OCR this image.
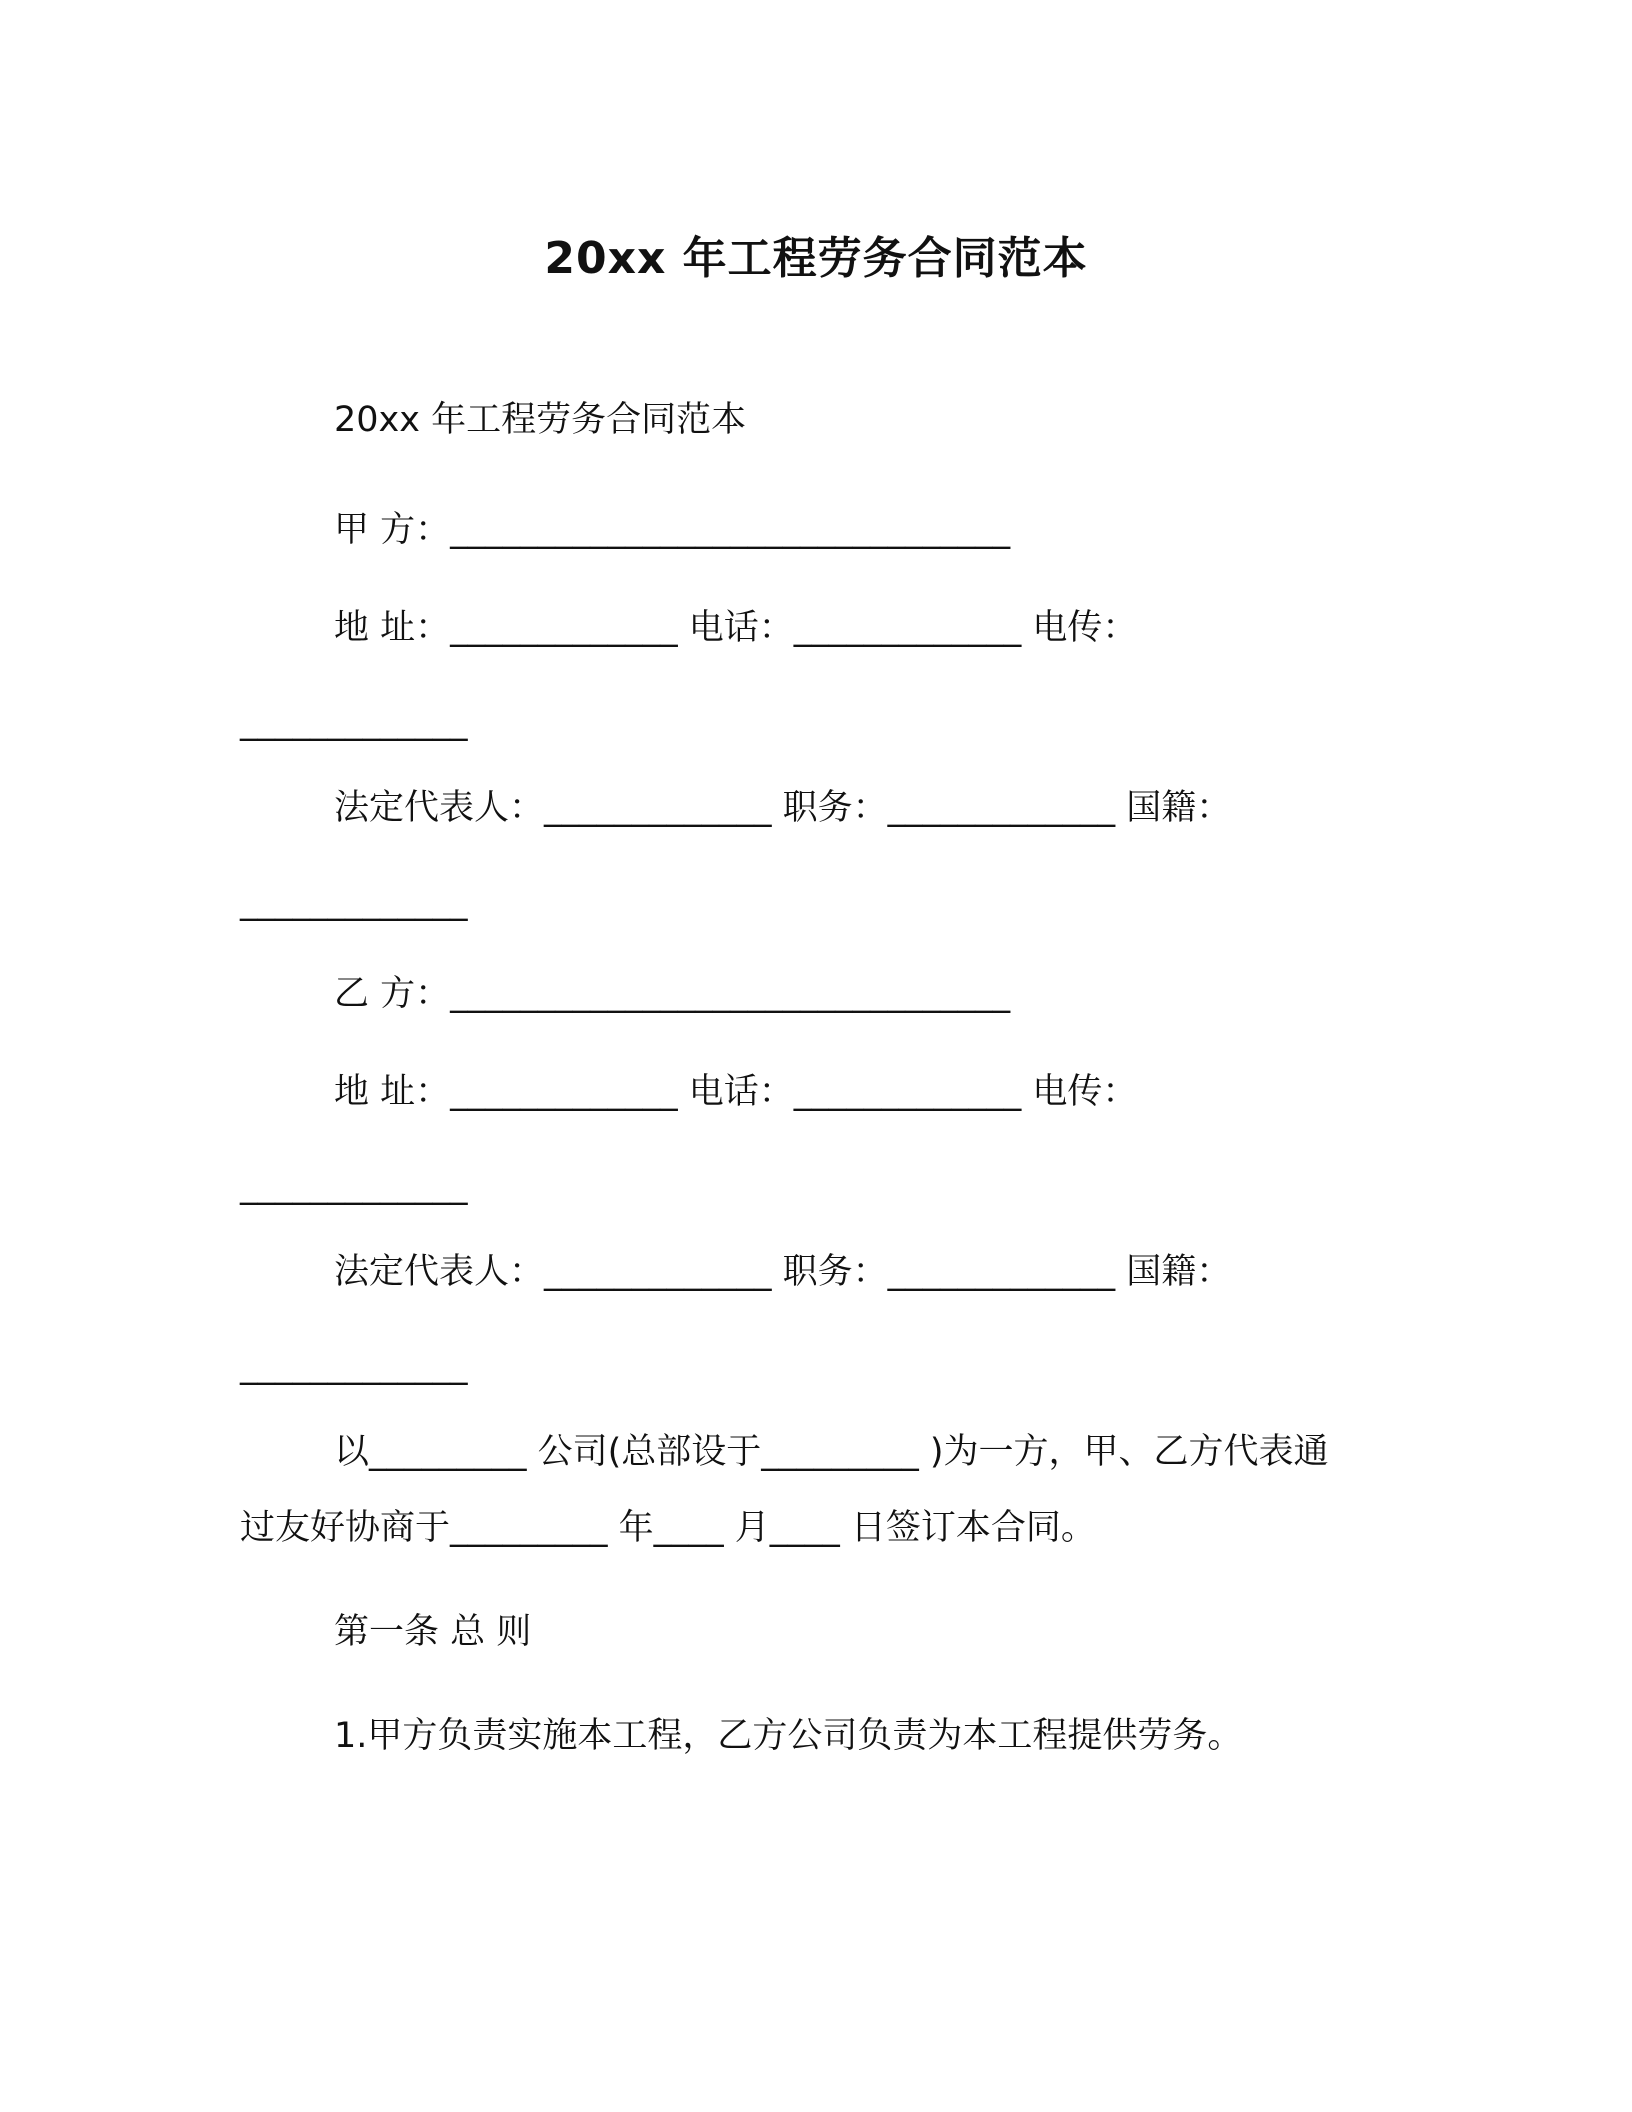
20xx 年工程劳务合同范本
20xx 年工程劳务合同范本
甲 方：________________________________
地 址：_____________ 电话：_____________ 电传：
_____________
法定代表人：_____________ 职务：_____________ 国籍：
_____________
乙 方：________________________________
地 址：_____________ 电话：_____________ 电传：
_____________
法定代表人：_____________ 职务：_____________ 国籍：
_____________
以_________ 公司(总部设于_________ )为一方，甲、乙方代表通
过友好协商于_________ 年____ 月____ 日签订本合同。
第一条 总 则
1.甲方负责实施本工程，乙方公司负责为本工程提供劳务。
